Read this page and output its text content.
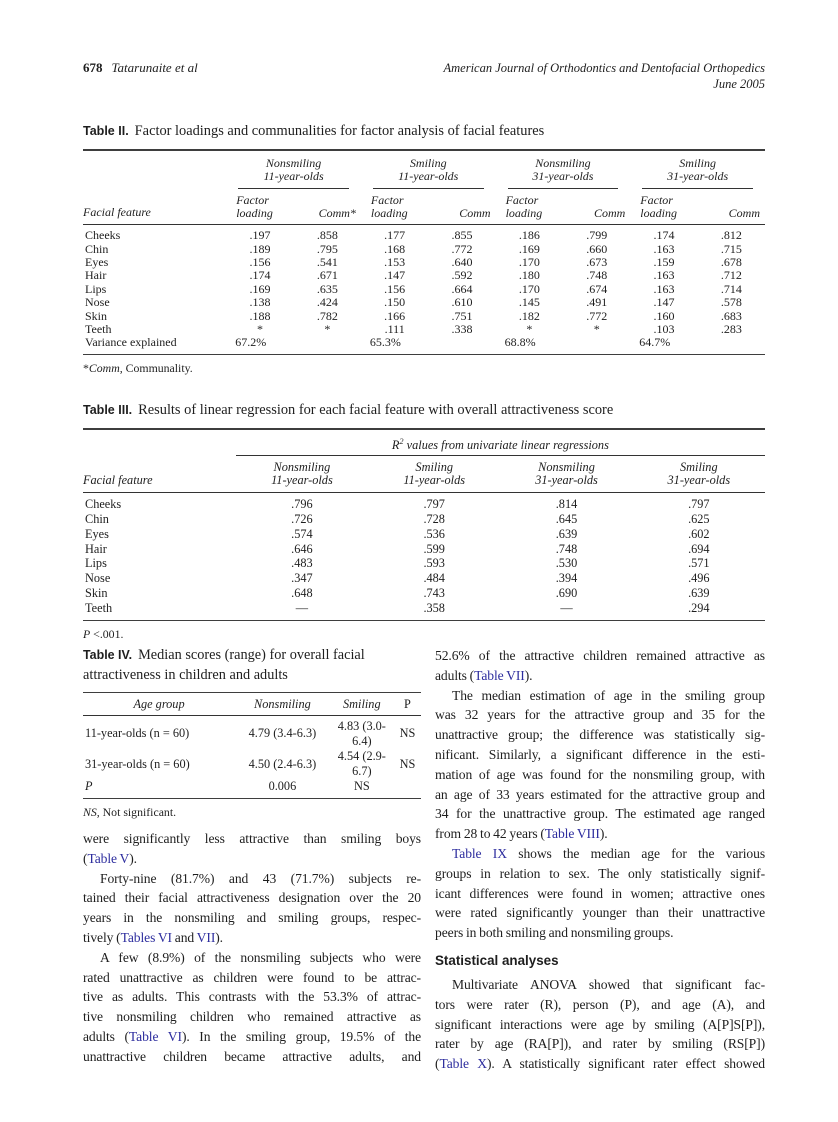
678 Tatarunaite et al	American Journal of Orthodontics and Dentofacial Orthopedics
June 2005
Table II. Factor loadings and communalities for factor analysis of facial features
Facial feature	Nonsmiling
11-year-olds		Smiling
11-year-olds		Nonsmiling
31-year-olds		Smiling
31-year-olds	

	Factor
loading	Comm*	Factor
loading	Comm	Factor
loading	Comm	Factor
loading	Comm
Cheeks	.197	.858	.177	.855	.186	.799	.174	.812
Chin	.189	.795	.168	.772	.169	.660	.163	.715
Eyes	.156	.541	.153	.640	.170	.673	.159	.678
Hair	.174	.671	.147	.592	.180	.748	.163	.712
Lips	.169	.635	.156	.664	.170	.674	.163	.714
Nose	.138	.424	.150	.610	.145	.491	.147	.578
Skin	.188	.782	.166	.751	.182	.772	.160	.683
Teeth	*	*	.111	.338	*	*	.103	.283
Variance explained	67.2%		65.3%		68.8%		64.7%	
*Comm, Communality.
Table III. Results of linear regression for each facial feature with overall attractiveness score
Facial feature	$R^2$ values from univariate linear regressions			

	Nonsmiling
11-year-olds	Smiling
11-year-olds	Nonsmiling
31-year-olds	Smiling
31-year-olds
Cheeks	.796	.797	.814	.797
Chin	.726	.728	.645	.625
Eyes	.574	.536	.639	.602
Hair	.646	.599	.748	.694
Lips	.483	.593	.530	.571
Nose	.347	.484	.394	.496
Skin	.648	.743	.690	.639
Teeth	—	.358	—	.294
P <.001.
Table IV. Median scores (range) for overall facial
attractiveness in children and adults
Age group	Nonsmiling	Smiling	P
11-year-olds (n = 60)	4.79 (3.4-6.3)	4.83 (3.0-6.4)	NS
31-year-olds (n = 60)	4.50 (2.4-6.3)	4.54 (2.9-6.7)	NS
P	0.006	NS	
NS, Not significant.
were significantly less attractive than smiling boys
(Table V).
Forty-nine (81.7%) and 43 (71.7%) subjects re-
tained their facial attractiveness designation over the 20
years in the nonsmiling and smiling groups, respec-
tively (Tables VI and VII).
A few (8.9%) of the nonsmiling subjects who were
rated unattractive as children were found to be attrac-
tive as adults. This contrasts with the 53.3% of attrac-
tive nonsmiling children who remained attractive as
adults (Table VI). In the smiling group, 19.5% of the
unattractive children became attractive adults, and
52.6% of the attractive children remained attractive as
adults (Table VII).
The median estimation of age in the smiling group
was 32 years for the attractive group and 35 for the
unattractive group; the difference was statistically sig-
nificant. Similarly, a significant difference in the esti-
mation of age was found for the nonsmiling group, with
an age of 33 years estimated for the attractive group and
34 for the unattractive group. The estimated age ranged
from 28 to 42 years (Table VIII).
Table IX shows the median age for the various
groups in relation to sex. The only statistically signif-
icant differences were found in women; attractive ones
were rated significantly younger than their unattractive
peers in both smiling and nonsmiling groups.
Statistical analyses
Multivariate ANOVA showed that significant fac-
tors were rater (R), person (P), and age (A), and
significant interactions were age by smiling (A[P]S[P]),
rater by age (RA[P]), and rater by smiling (RS[P])
(Table X). A statistically significant rater effect showed
